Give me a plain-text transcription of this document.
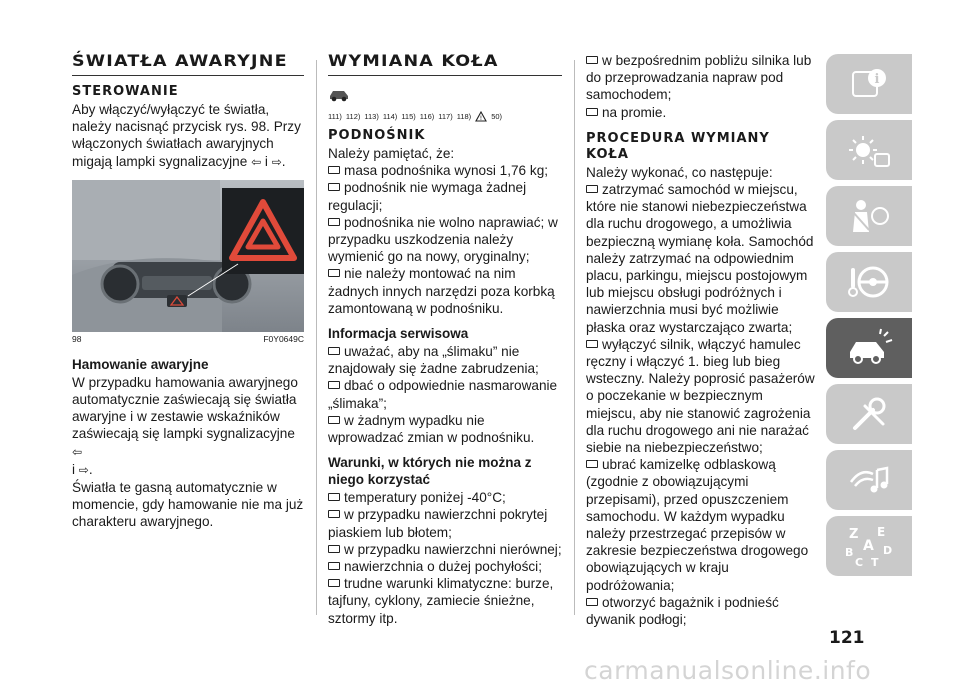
ŚWIATŁA AWARYJNE
STEROWANIE

Aby włączyć/wyłączyć te światła, należy nacisnąć przycisk rys. 98. Przy włączonych światłach awaryjnych migają lampki sygnalizacyjne ⇦ i ⇨.

98	F0Y0649C
Hamowanie awaryjne

W przypadku hamowania awaryjnego automatycznie zaświecają się światła awaryjne i w zestawie wskaźników zaświecają się lampki sygnalizacyjne ⇦
i ⇨.

Światła te gasną automatycznie w momencie, gdy hamowanie nie ma już charakteru awaryjnego.

WYMIANA KOŁA
111) 112) 113) 114) 115) 116) 117) 118) ! 50)
PODNOŚNIK

Należy pamiętać, że:

masa podnośnika wynosi 1,76 kg;

podnośnik nie wymaga żadnej regulacji;

podnośnika nie wolno naprawiać; w przypadku uszkodzenia należy wymienić go na nowy, oryginalny;

nie należy montować na nim żadnych innych narzędzi poza korbką zamontowaną w podnośniku.

Informacja serwisowa

uważać, aby na „ślimaku” nie znajdowały się żadne zabrudzenia;

dbać o odpowiednie nasmarowanie „ślimaka”;

w żadnym wypadku nie wprowadzać zmian w podnośniku.

Warunki, w których nie można z niego korzystać

temperatury poniżej -40°C;

w przypadku nawierzchni pokrytej piaskiem lub błotem;

w przypadku nawierzchni nierównej;

nawierzchnia o dużej pochyłości;

trudne warunki klimatyczne: burze, tajfuny, cyklony, zamiecie śnieżne, sztormy itp.

w bezpośrednim pobliżu silnika lub do przeprowadzania napraw pod samochodem;

na promie.

PROCEDURA WYMIANY KOŁA

Należy wykonać, co następuje:

zatrzymać samochód w miejscu, które nie stanowi niebezpieczeństwa dla ruchu drogowego, a umożliwia bezpieczną wymianę koła. Samochód należy zatrzymać na odpowiednim placu, parkingu, miejscu postojowym lub miejscu obsługi podróżnych i nawierzchnia musi być możliwie płaska oraz wystarczająco zwarta;

wyłączyć silnik, włączyć hamulec ręczny i włączyć 1. bieg lub bieg wsteczny. Należy poprosić pasażerów o poczekanie w bezpiecznym miejscu, aby nie stanowić zagrożenia dla ruchu drogowego ani nie narażać siebie na niebezpieczeństwo;

ubrać kamizelkę odblaskową (zgodnie z obowiązującymi przepisami), przed opuszczeniem samochodu. W każdym wypadku należy przestrzegać przepisów w zakresie bezpieczeństwa drogowego obowiązujących w kraju podróżowania;

otworzyć bagażnik i podnieść dywanik podłogi;

i
Z E
A
B	D
C T
121
carmanualsonline.info
